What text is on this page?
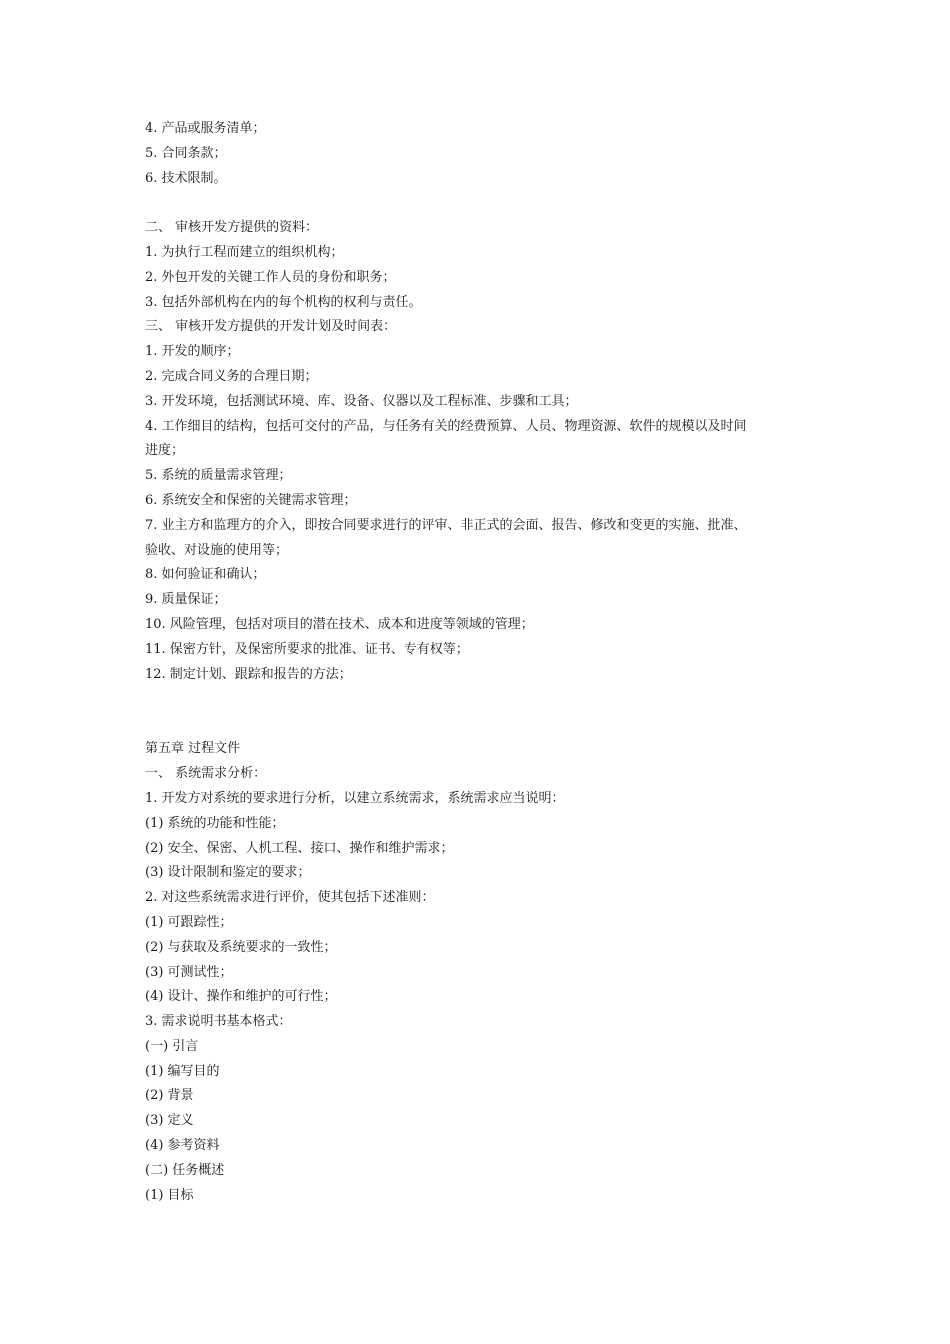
4. 产品或服务清单；
5. 合同条款；
6. 技术限制。
二、 审核开发方提供的资料：
1. 为执行工程而建立的组织机构；
2. 外包开发的关键工作人员的身份和职务；
3. 包括外部机构在内的每个机构的权利与责任。
三、 审核开发方提供的开发计划及时间表：
1. 开发的顺序；
2. 完成合同义务的合理日期；
3. 开发环境，包括测试环境、库、设备、仪器以及工程标准、步骤和工具；
4. 工作细目的结构，包括可交付的产品，与任务有关的经费预算、人员、物理资源、软件的规模以及时间
进度；
5. 系统的质量需求管理；
6. 系统安全和保密的关键需求管理；
7. 业主方和监理方的介入，即按合同要求进行的评审、非正式的会面、报告、修改和变更的实施、批准、
验收、对设施的使用等；
8. 如何验证和确认；
9. 质量保证；
10. 风险管理，包括对项目的潜在技术、成本和进度等领域的管理；
11. 保密方针，及保密所要求的批准、证书、专有权等；
12. 制定计划、跟踪和报告的方法；
第五章 过程文件
一、 系统需求分析：
1. 开发方对系统的要求进行分析，以建立系统需求，系统需求应当说明：
(1) 系统的功能和性能；
(2) 安全、保密、人机工程、接口、操作和维护需求；
(3) 设计限制和鉴定的要求；
2. 对这些系统需求进行评价，使其包括下述准则：
(1) 可跟踪性；
(2) 与获取及系统要求的一致性；
(3) 可测试性；
(4) 设计、操作和维护的可行性；
3. 需求说明书基本格式：
(一) 引言
(1) 编写目的
(2) 背景
(3) 定义
(4) 参考资料
(二) 任务概述
(1) 目标
